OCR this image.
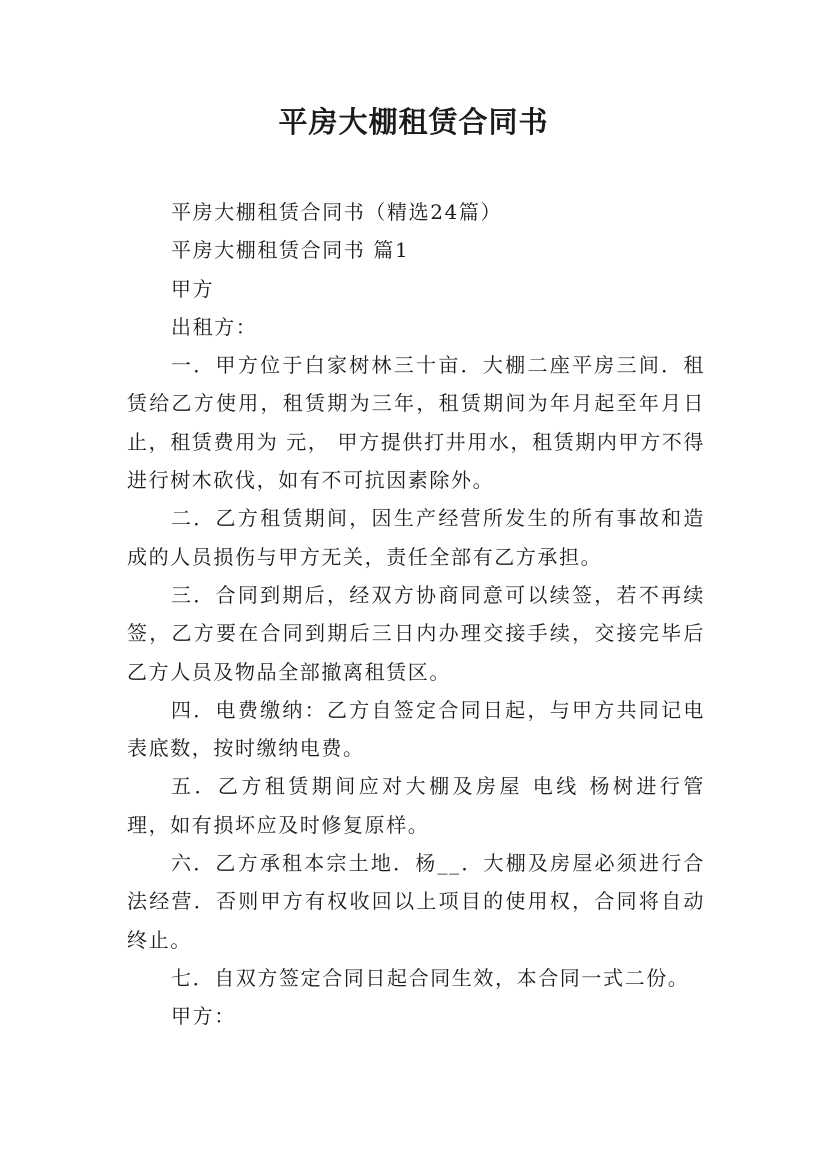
平房大棚租赁合同书

平房大棚租赁合同书（精选24篇）

平房大棚租赁合同书 篇1

甲方

出租方：

一．甲方位于白家树林三十亩．大棚二座平房三间．租赁给乙方使用，租赁期为三年，租赁期间为年月起至年月日止，租赁费用为 元， 甲方提供打井用水，租赁期内甲方不得进行树木砍伐，如有不可抗因素除外。

二．乙方租赁期间，因生产经营所发生的所有事故和造成的人员损伤与甲方无关，责任全部有乙方承担。

三．合同到期后，经双方协商同意可以续签，若不再续签，乙方要在合同到期后三日内办理交接手续，交接完毕后乙方人员及物品全部撤离租赁区。

四．电费缴纳：乙方自签定合同日起，与甲方共同记电表底数，按时缴纳电费。

五．乙方租赁期间应对大棚及房屋 电线 杨树进行管理，如有损坏应及时修复原样。

六．乙方承租本宗土地．杨__．大棚及房屋必须进行合法经营．否则甲方有权收回以上项目的使用权，合同将自动终止。

七．自双方签定合同日起合同生效，本合同一式二份。

甲方：
